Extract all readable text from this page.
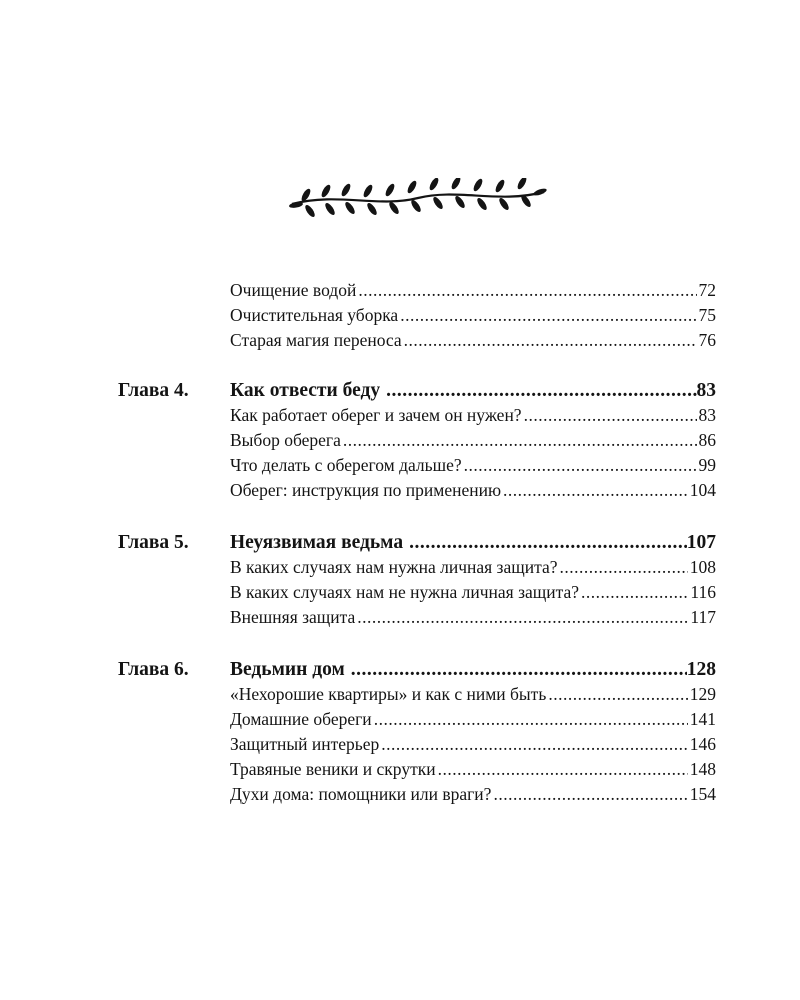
Очищение водой .....	72
Очистительная уборка .....	75
Старая магия переноса .....	76
Глава 4. Как отвести беду .....	83
Как работает оберег и зачем он нужен? .....	83
Выбор оберега .....	86
Что делать с оберегом дальше? .....	99
Оберег: инструкция по применению .....	104
Глава 5. Неуязвимая ведьма .....	107
В каких случаях нам нужна личная защита? .....	108
В каких случаях нам не нужна личная защита? .....	116
Внешняя защита .....	117
Глава 6. Ведьмин дом .....	128
«Нехорошие квартиры» и как с ними быть .....	129
Домашние обереги .....	141
Защитный интерьер .....	146
Травяные веники и скрутки .....	148
Духи дома: помощники или враги? .....	154
